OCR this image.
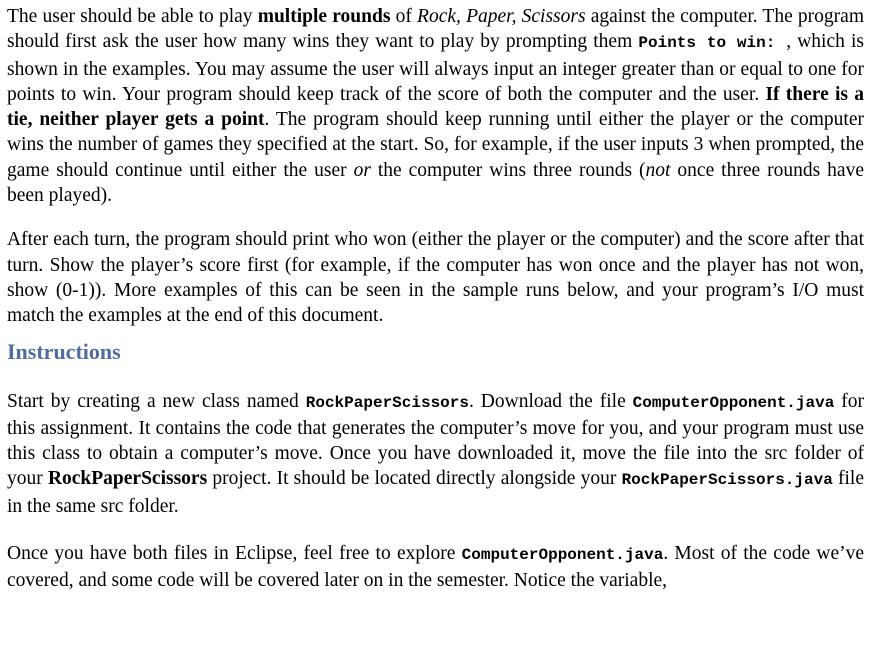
The user should be able to play multiple rounds of Rock, Paper, Scissors against the computer. The program should first ask the user how many wins they want to play by prompting them Points to win: , which is shown in the examples. You may assume the user will always input an integer greater than or equal to one for points to win. Your program should keep track of the score of both the computer and the user. If there is a tie, neither player gets a point. The program should keep running until either the player or the computer wins the number of games they specified at the start. So, for example, if the user inputs 3 when prompted, the game should continue until either the user or the computer wins three rounds (not once three rounds have been played).

After each turn, the program should print who won (either the player or the computer) and the score after that turn. Show the player’s score first (for example, if the computer has won once and the player has not won, show (0-1)). More examples of this can be seen in the sample runs below, and your program’s I/O must match the examples at the end of this document.

Instructions

Start by creating a new class named RockPaperScissors. Download the file ComputerOpponent.java for this assignment. It contains the code that generates the computer’s move for you, and your program must use this class to obtain a computer’s move. Once you have downloaded it, move the file into the src folder of your RockPaperScissors project. It should be located directly alongside your RockPaperScissors.java file in the same src folder.

Once you have both files in Eclipse, feel free to explore ComputerOpponent.java. Most of the code we’ve covered, and some code will be covered later on in the semester. Notice the variable,
